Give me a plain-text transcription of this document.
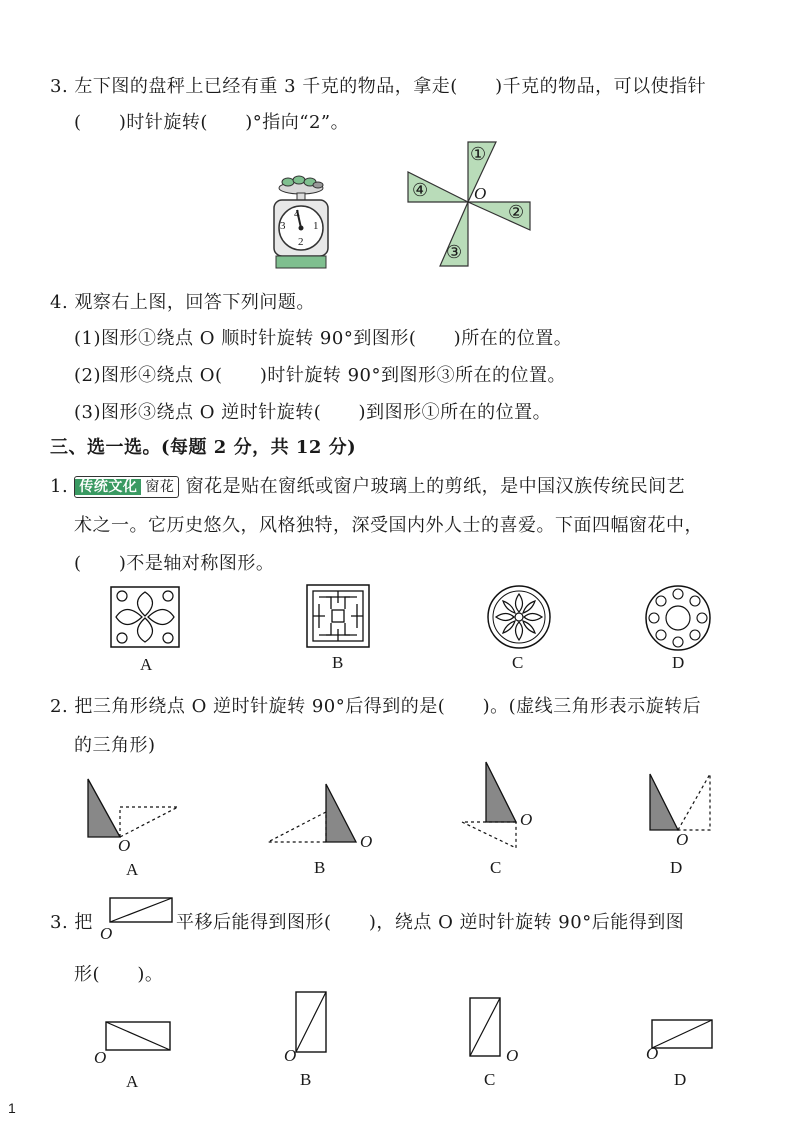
3. 左下图的盘秤上已经有重 3 千克的物品，拿走(      )千克的物品，可以使指针
(      )时针旋转(      )°指向“2”。
4
1
3
2
①
②
③
④	O
4. 观察右上图，回答下列问题。
(1)图形①绕点 O 顺时针旋转 90°到图形(      )所在的位置。
(2)图形④绕点 O(      )时针旋转 90°到图形③所在的位置。
(3)图形③绕点 O 逆时针旋转(      )到图形①所在的位置。
三、选一选。(每题 2 分，共 12 分)
1. 传统文化 窗花 窗花是贴在窗纸或窗户玻璃上的剪纸，是中国汉族传统民间艺
术之一。它历史悠久，风格独特，深受国内外人士的喜爱。下面四幅窗花中，
(      )不是轴对称图形。
A	B	C	D
2. 把三角形绕点 O 逆时针旋转 90°后得到的是(      )。(虚线三角形表示旋转后
的三角形)
O
A
O
B
O
C
O
D
3. 把
O
平移后能得到图形(      )，绕点 O 逆时针旋转 90°后能得到图
形(      )。
O
A
O
B
O
C
O
D
1
